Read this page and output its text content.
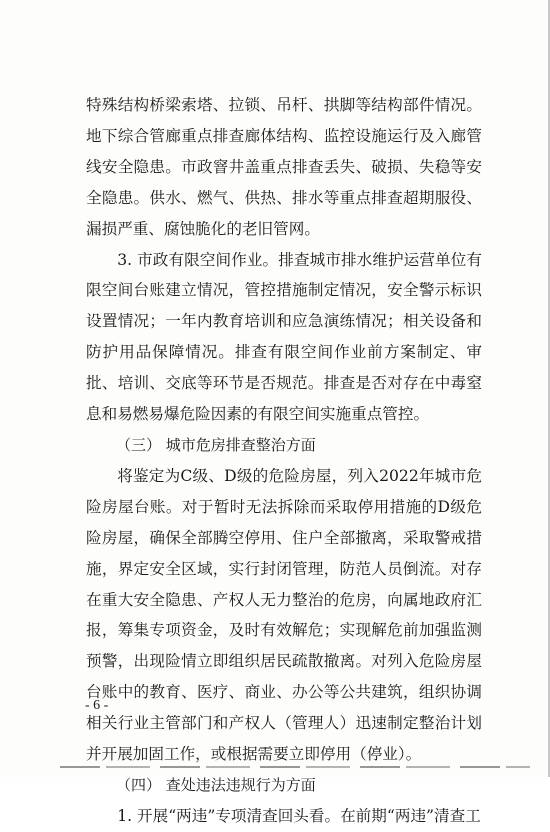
特殊结构桥梁索塔、拉锁、吊杆、拱脚等结构部件情况。地下综合管廊重点排查廊体结构、监控设施运行及入廊管线安全隐患。市政窨井盖重点排查丢失、破损、失稳等安全隐患。供水、燃气、供热、排水等重点排查超期服役、漏损严重、腐蚀脆化的老旧管网。

3. 市政有限空间作业。排查城市排水维护运营单位有限空间台账建立情况，管控措施制定情况，安全警示标识设置情况；一年内教育培训和应急演练情况；相关设备和防护用品保障情况。排查有限空间作业前方案制定、审批、培训、交底等环节是否规范。排查是否对存在中毒窒息和易燃易爆危险因素的有限空间实施重点管控。

（三） 城市危房排查整治方面

将鉴定为C级、D级的危险房屋，列入2022年城市危险房屋台账。对于暂时无法拆除而采取停用措施的D级危险房屋，确保全部腾空停用、住户全部撤离，采取警戒措施，界定安全区域，实行封闭管理，防范人员倒流。对存在重大安全隐患、产权人无力整治的危房，向属地政府汇报，筹集专项资金，及时有效解危；实现解危前加强监测预警，出现险情立即组织居民疏散撤离。对列入危险房屋台账中的教育、医疗、商业、办公等公共建筑，组织协调相关行业主管部门和产权人（管理人）迅速制定整治计划并开展加固工作，或根据需要立即停用（停业）。

（四） 查处违法违规行为方面

1. 开展“两违”专项清查回头看。在前期“两违”清查工

- 6 -
